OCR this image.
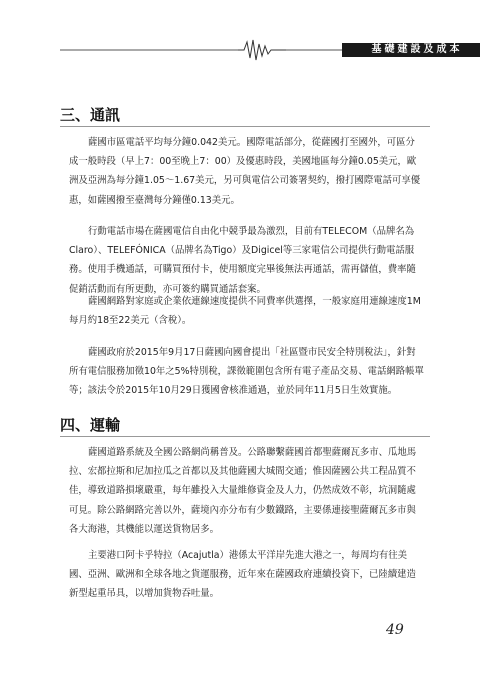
基礎建設及成本
三、通訊

薩國市區電話平均每分鐘0.042美元。國際電話部分，從薩國打至國外，可區分成一般時段（早上7：00至晚上7：00）及優惠時段，美國地區每分鐘0.05美元，歐洲及亞洲為每分鐘1.05～1.67美元，另可與電信公司簽署契約，撥打國際電話可享優惠，如薩國撥至臺灣每分鐘僅0.13美元。

行動電話市場在薩國電信自由化中競爭最為激烈，目前有TELECOM（品牌名為Claro）、TELEFÓNICA（品牌名為Tigo）及Digicel等三家電信公司提供行動電話服務。使用手機通話，可購買預付卡，使用額度完畢後無法再通話，需再儲值，費率隨促銷活動而有所更動，亦可簽約購買通話套案。

薩國網路對家庭或企業依連線速度提供不同費率供選擇，一般家庭用連線速度1M每月約18至22美元（含稅）。

薩國政府於2015年9月17日薩國向國會提出「社區暨市民安全特別稅法」，針對所有電信服務加徵10年之5%特別稅，課徵範圍包含所有電子產品交易、電話網路帳單等；該法令於2015年10月29日獲國會核准通過，並於同年11月5日生效實施。

四、運輸

薩國道路系統及全國公路網尚稱普及。公路聯繫薩國首都聖薩爾瓦多市、瓜地馬拉、宏都拉斯和尼加拉瓜之首都以及其他薩國大城間交通；惟因薩國公共工程品質不佳，導致道路損壞嚴重，每年雖投入大量維修資金及人力，仍然成效不彰，坑洞隨處可見。除公路網路完善以外，薩境內亦分布有少數鐵路，主要係連接聖薩爾瓦多市與各大海港，其機能以運送貨物居多。

主要港口阿卡乎特拉（Acajutla）港係太平洋岸先進大港之一，每周均有往美國、亞洲、歐洲和全球各地之貨運服務，近年來在薩國政府連續投資下，已陸續建造新型起重吊具，以增加貨物吞吐量。

49
